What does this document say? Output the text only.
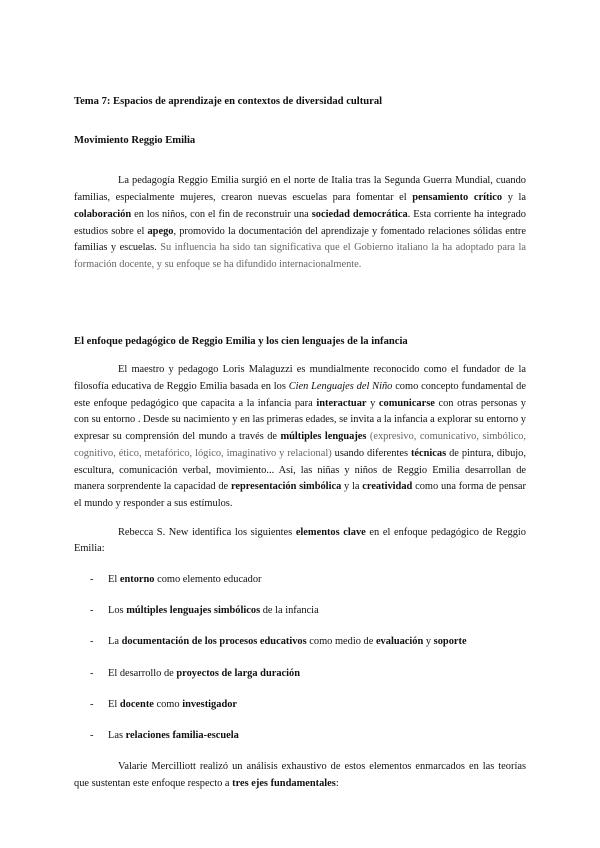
Tema 7: Espacios de aprendizaje en contextos de diversidad cultural

Movimiento Reggio Emilia

La pedagogía Reggio Emilia surgió en el norte de Italia tras la Segunda Guerra Mundial, cuando familias, especialmente mujeres, crearon nuevas escuelas para fomentar el pensamiento crítico y la colaboración en los niños, con el fin de reconstruir una sociedad democrática. Esta corriente ha integrado estudios sobre el apego, promovido la documentación del aprendizaje y fomentado relaciones sólidas entre familias y escuelas. Su influencia ha sido tan significativa que el Gobierno italiano la ha adoptado para la formación docente, y su enfoque se ha difundido internacionalmente.

El enfoque pedagógico de Reggio Emilia y los cien lenguajes de la infancia

El maestro y pedagogo Loris Malaguzzi es mundialmente reconocido como el fundador de la filosofía educativa de Reggio Emilia basada en los Cien Lenguajes del Niño como concepto fundamental de este enfoque pedagógico que capacita a la infancia para interactuar y comunicarse con otras personas y con su entorno . Desde su nacimiento y en las primeras edades, se invita a la infancia a explorar su entorno y expresar su comprensión del mundo a través de múltiples lenguajes (expresivo, comunicativo, simbólico, cognitivo, ético, metafórico, lógico, imaginativo y relacional) usando diferentes técnicas de pintura, dibujo, escultura, comunicación verbal, movimiento... Así, las niñas y niños de Reggio Emilia desarrollan de manera sorprendente la capacidad de representación simbólica y la creatividad como una forma de pensar el mundo y responder a sus estímulos.

Rebecca S. New identifica los siguientes elementos clave en el enfoque pedagógico de Reggio Emilia:

- El entorno como elemento educador
- Los múltiples lenguajes simbólicos de la infancia
- La documentación de los procesos educativos como medio de evaluación y soporte
- El desarrollo de proyectos de larga duración
- El docente como investigador
- Las relaciones familia-escuela

Valarie Mercilliott realizó un análisis exhaustivo de estos elementos enmarcados en las teorías que sustentan este enfoque respecto a tres ejes fundamentales:
